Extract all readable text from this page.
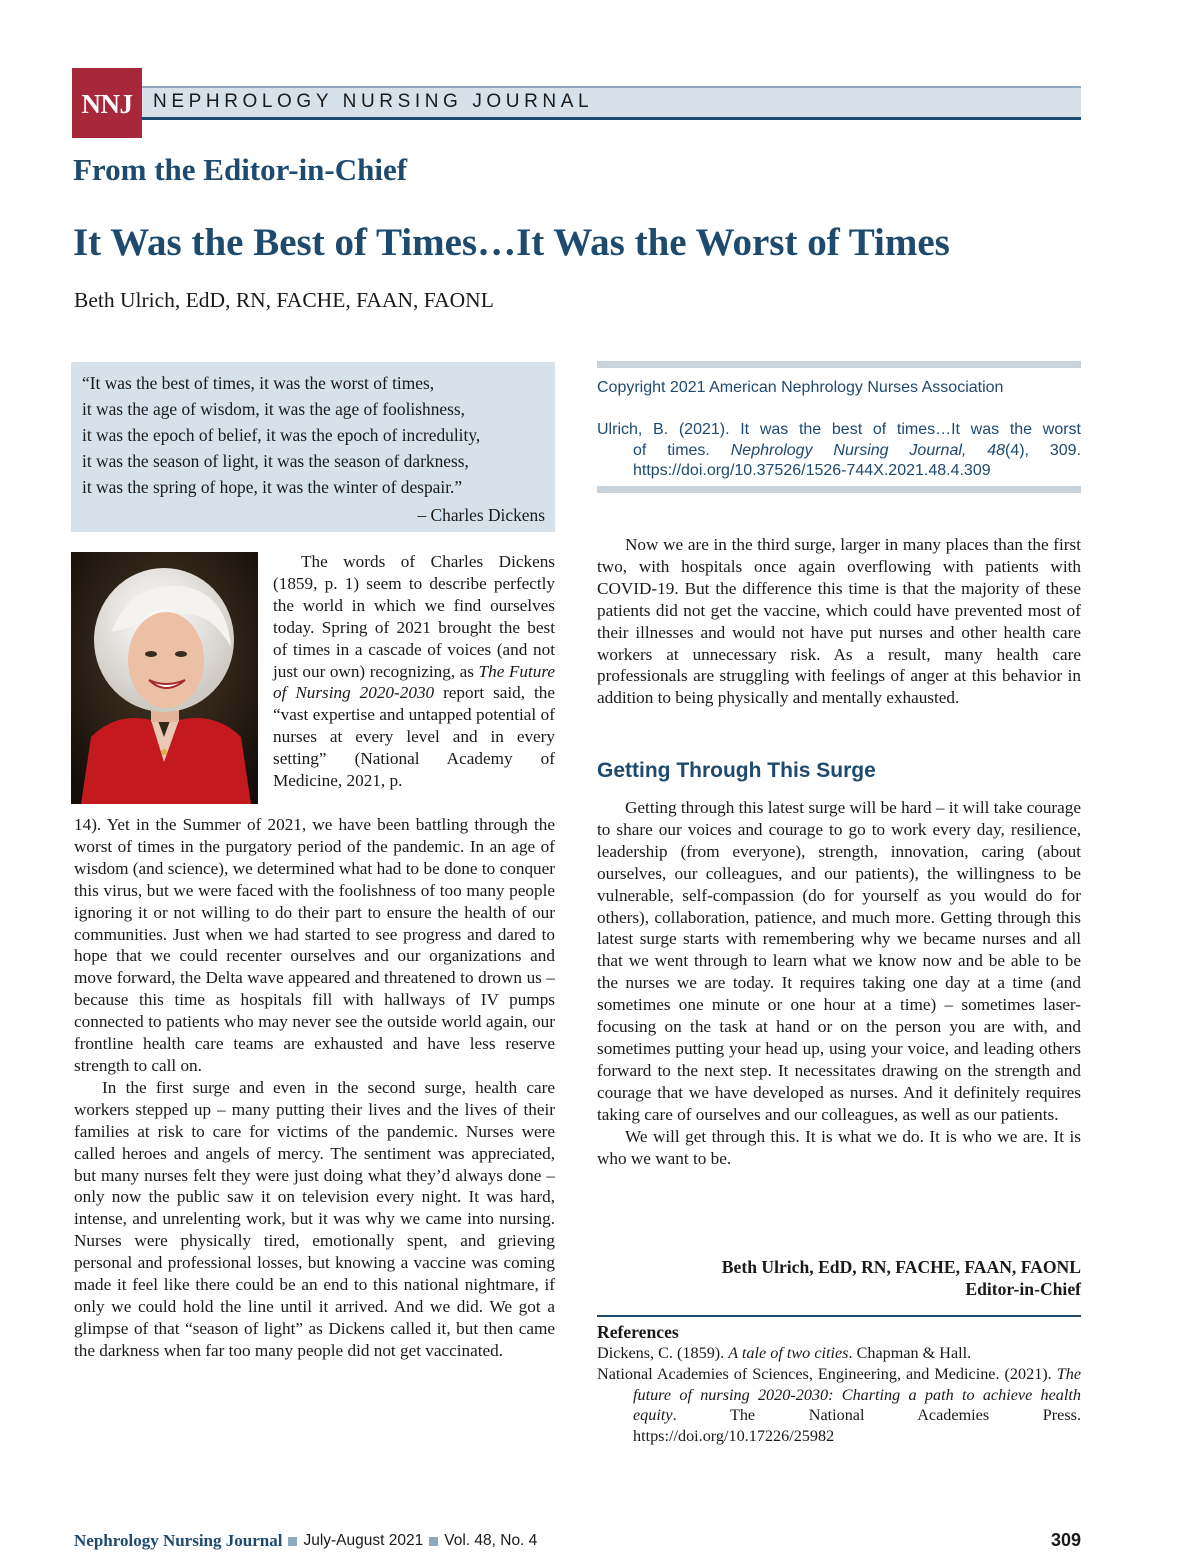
NNJ	NEPHROLOGY NURSING JOURNAL
From the Editor-in-Chief
It Was the Best of Times…It Was the Worst of Times
Beth Ulrich, EdD, RN, FACHE, FAAN, FAONL
“It was the best of times, it was the worst of times,
it was the age of wisdom, it was the age of foolishness,
it was the epoch of belief, it was the epoch of incredulity,
it was the season of light, it was the season of darkness,
it was the spring of hope, it was the winter of despair.”
– Charles Dickens

The words of Charles Dickens (1859, p. 1) seem to describe perfectly the world in which we find ourselves today. Spring of 2021 brought the best of times in a cascade of voices (and not just our own) recognizing, as The Future of Nursing 2020-2030 report said, the “vast expertise and untapped potential of nurses at every level and in every setting” (National Academy of Medicine, 2021, p.

14). Yet in the Summer of 2021, we have been battling through the worst of times in the purgatory period of the pandemic. In an age of wisdom (and science), we determined what had to be done to conquer this virus, but we were faced with the foolishness of too many people ignoring it or not willing to do their part to ensure the health of our communities. Just when we had started to see progress and dared to hope that we could recenter ourselves and our organizations and move forward, the Delta wave appeared and threatened to drown us – because this time as hospitals fill with hallways of IV pumps connected to patients who may never see the outside world again, our frontline health care teams are exhausted and have less reserve strength to call on.

In the first surge and even in the second surge, health care workers stepped up – many putting their lives and the lives of their families at risk to care for victims of the pandemic. Nurses were called heroes and angels of mercy. The sentiment was appreciated, but many nurses felt they were just doing what they’d always done – only now the public saw it on television every night. It was hard, intense, and unrelenting work, but it was why we came into nursing. Nurses were physically tired, emotionally spent, and grieving personal and professional losses, but knowing a vaccine was coming made it feel like there could be an end to this national nightmare, if only we could hold the line until it arrived. And we did. We got a glimpse of that “season of light” as Dickens called it, but then came the darkness when far too many people did not get vaccinated.

Copyright 2021 American Nephrology Nurses Association
Ulrich, B. (2021). It was the best of times…It was the worst
of times. Nephrology Nursing Journal, 48(4), 309.
https://doi.org/10.37526/1526-744X.2021.48.4.309

Now we are in the third surge, larger in many places than the first two, with hospitals once again overflowing with patients with COVID-19. But the difference this time is that the majority of these patients did not get the vaccine, which could have prevented most of their illnesses and would not have put nurses and other health care workers at unnecessary risk. As a result, many health care professionals are struggling with feelings of anger at this behavior in addition to being physically and mentally exhausted.

Getting Through This Surge

Getting through this latest surge will be hard – it will take courage to share our voices and courage to go to work every day, resilience, leadership (from everyone), strength, innovation, caring (about ourselves, our colleagues, and our patients), the willingness to be vulnerable, self-compassion (do for yourself as you would do for others), collaboration, patience, and much more. Getting through this latest surge starts with remembering why we became nurses and all that we went through to learn what we know now and be able to be the nurses we are today. It requires taking one day at a time (and sometimes one minute or one hour at a time) – sometimes laser-focusing on the task at hand or on the person you are with, and sometimes putting your head up, using your voice, and leading others forward to the next step. It necessitates drawing on the strength and courage that we have developed as nurses. And it definitely requires taking care of ourselves and our colleagues, as well as our patients.

We will get through this. It is what we do. It is who we are. It is who we want to be.

Beth Ulrich, EdD, RN, FACHE, FAAN, FAONL
Editor-in-Chief
References

Dickens, C. (1859). A tale of two cities. Chapman & Hall.

National Academies of Sciences, Engineering, and Medicine. (2021). The future of nursing 2020-2030: Charting a path to achieve health equity. The National Academies Press. https://doi.org/10.17226/25982

Nephrology Nursing Journal July-August 2021 Vol. 48, No. 4	309
